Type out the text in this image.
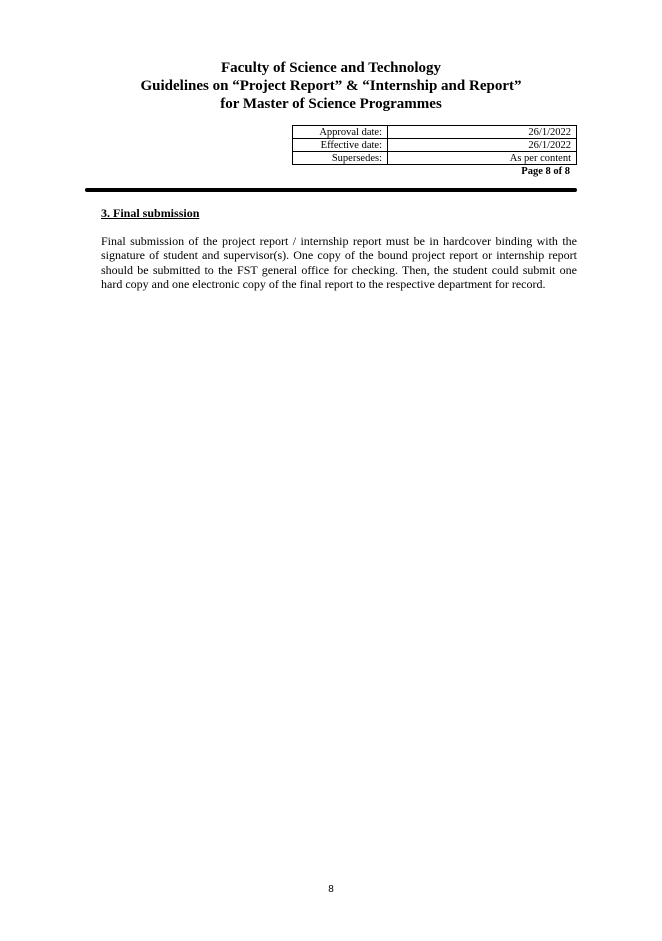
Faculty of Science and Technology
Guidelines on “Project Report” & “Internship and Report”
for Master of Science Programmes
Approval date:	26/1/2022
Effective date:	26/1/2022
Supersedes:	As per content
Page 8 of 8
3. Final submission
Final submission of the project report / internship report must be in hardcover binding with the signature of student and supervisor(s). One copy of the bound project report or internship report should be submitted to the FST general office for checking. Then, the student could submit one hard copy and one electronic copy of the final report to the respective department for record.
8
